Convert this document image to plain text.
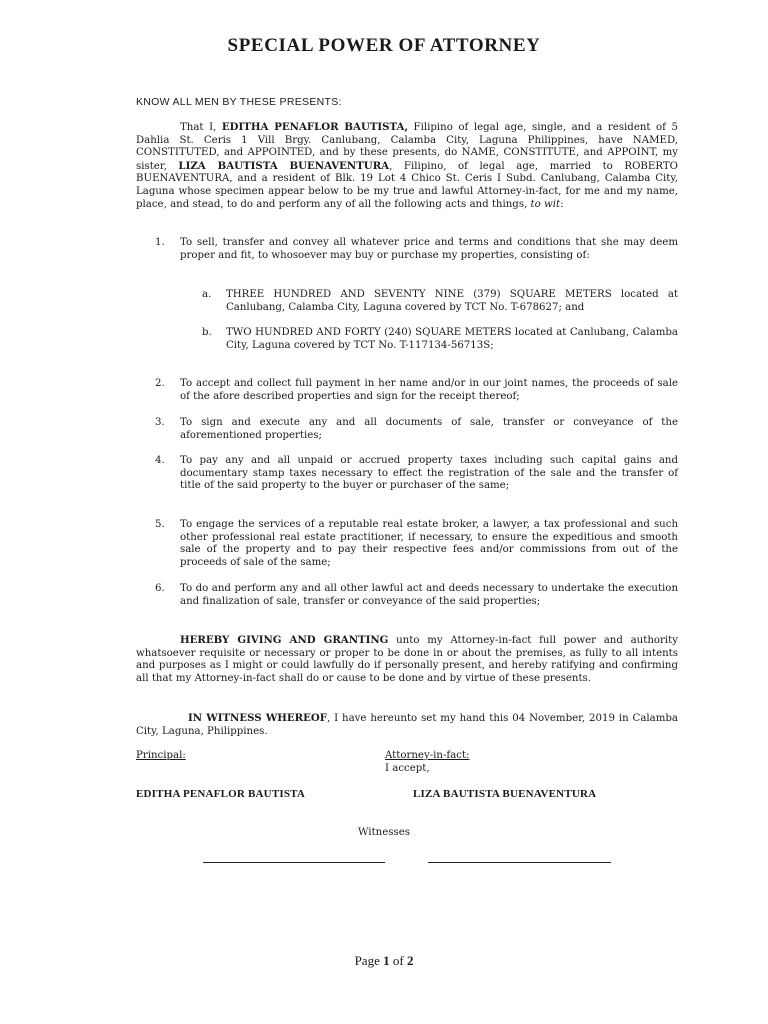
SPECIAL POWER OF ATTORNEY
KNOW ALL MEN BY THESE PRESENTS:
That I, EDITHA PENAFLOR BAUTISTA, Filipino of legal age, single, and a resident of 5 Dahlia St. Ceris 1 Vill Brgy. Canlubang, Calamba City, Laguna Philippines, have NAMED, CONSTITUTED, and APPOINTED, and by these presents, do NAME, CONSTITUTE, and APPOINT, my sister, LIZA BAUTISTA BUENAVENTURA, Filipino, of legal age, married to ROBERTO BUENAVENTURA, and a resident of Blk. 19 Lot 4 Chico St. Ceris I Subd. Canlubang, Calamba City, Laguna whose specimen appear below to be my true and lawful Attorney-in-fact, for me and my name, place, and stead, to do and perform any of all the following acts and things, to wit:
1. To sell, transfer and convey all whatever price and terms and conditions that she may deem proper and fit, to whosoever may buy or purchase my properties, consisting of:
a. THREE HUNDRED AND SEVENTY NINE (379) SQUARE METERS located at Canlubang, Calamba City, Laguna covered by TCT No. T-678627; and
b. TWO HUNDRED AND FORTY (240) SQUARE METERS located at Canlubang, Calamba City, Laguna covered by TCT No. T-117134-56713S;
2. To accept and collect full payment in her name and/or in our joint names, the proceeds of sale of the afore described properties and sign for the receipt thereof;
3. To sign and execute any and all documents of sale, transfer or conveyance of the aforementioned properties;
4. To pay any and all unpaid or accrued property taxes including such capital gains and documentary stamp taxes necessary to effect the registration of the sale and the transfer of title of the said property to the buyer or purchaser of the same;
5. To engage the services of a reputable real estate broker, a lawyer, a tax professional and such other professional real estate practitioner, if necessary, to ensure the expeditious and smooth sale of the property and to pay their respective fees and/or commissions from out of the proceeds of sale of the same;
6. To do and perform any and all other lawful act and deeds necessary to undertake the execution and finalization of sale, transfer or conveyance of the said properties;
HEREBY GIVING AND GRANTING unto my Attorney-in-fact full power and authority whatsoever requisite or necessary or proper to be done in or about the premises, as fully to all intents and purposes as I might or could lawfully do if personally present, and hereby ratifying and confirming all that my Attorney-in-fact shall do or cause to be done and by virtue of these presents.
IN WITNESS WHEREOF, I have hereunto set my hand this 04 November, 2019 in Calamba City, Laguna, Philippines.
Principal:	Attorney-in-fact:
I accept,
EDITHA PENAFLOR BAUTISTA	LIZA BAUTISTA BUENAVENTURA
Witnesses
Page 1 of 2
